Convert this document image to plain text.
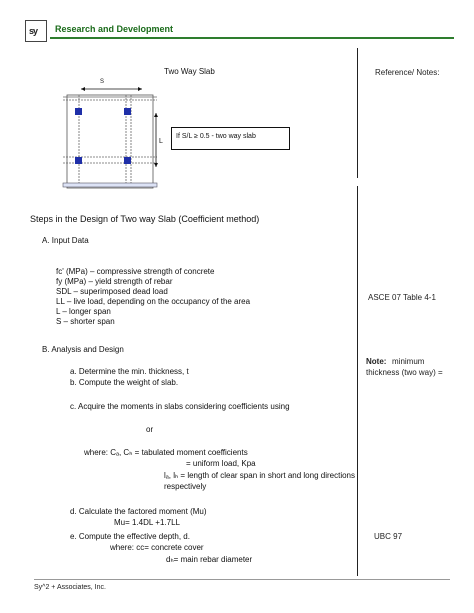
sy Research and Development
Two Way Slab
S
L
If S/L ≥ 0.5 - two way slab
Reference/ Notes:
ASCE 07 Table 4-1
Note: minimum
thickness (two way) =
UBC 97
Steps in the Design of Two way Slab (Coefficient method)
A. Input Data
fc' (MPa) – compressive strength of concrete
fy (MPa) – yield strength of rebar
SDL – superimposed dead load
LL – live load, depending on the occupancy of the area
L – longer span
S – shorter span
B. Analysis and Design
a. Determine the min. thickness, t
b. Compute the weight of slab.
c. Acquire the moments in slabs considering coefficients using
or
where: Cₐ, Cₕ = tabulated moment coefficients
= uniform load, Kpa
lₐ, lₕ = length of clear span in short and long directions
respectively
d. Calculate the factored moment (Mu)
Mu= 1.4DL +1.7LL
e. Compute the effective depth, d.
where: cc= concrete cover
dₕ= main rebar diameter
Sy^2 + Associates, Inc.
